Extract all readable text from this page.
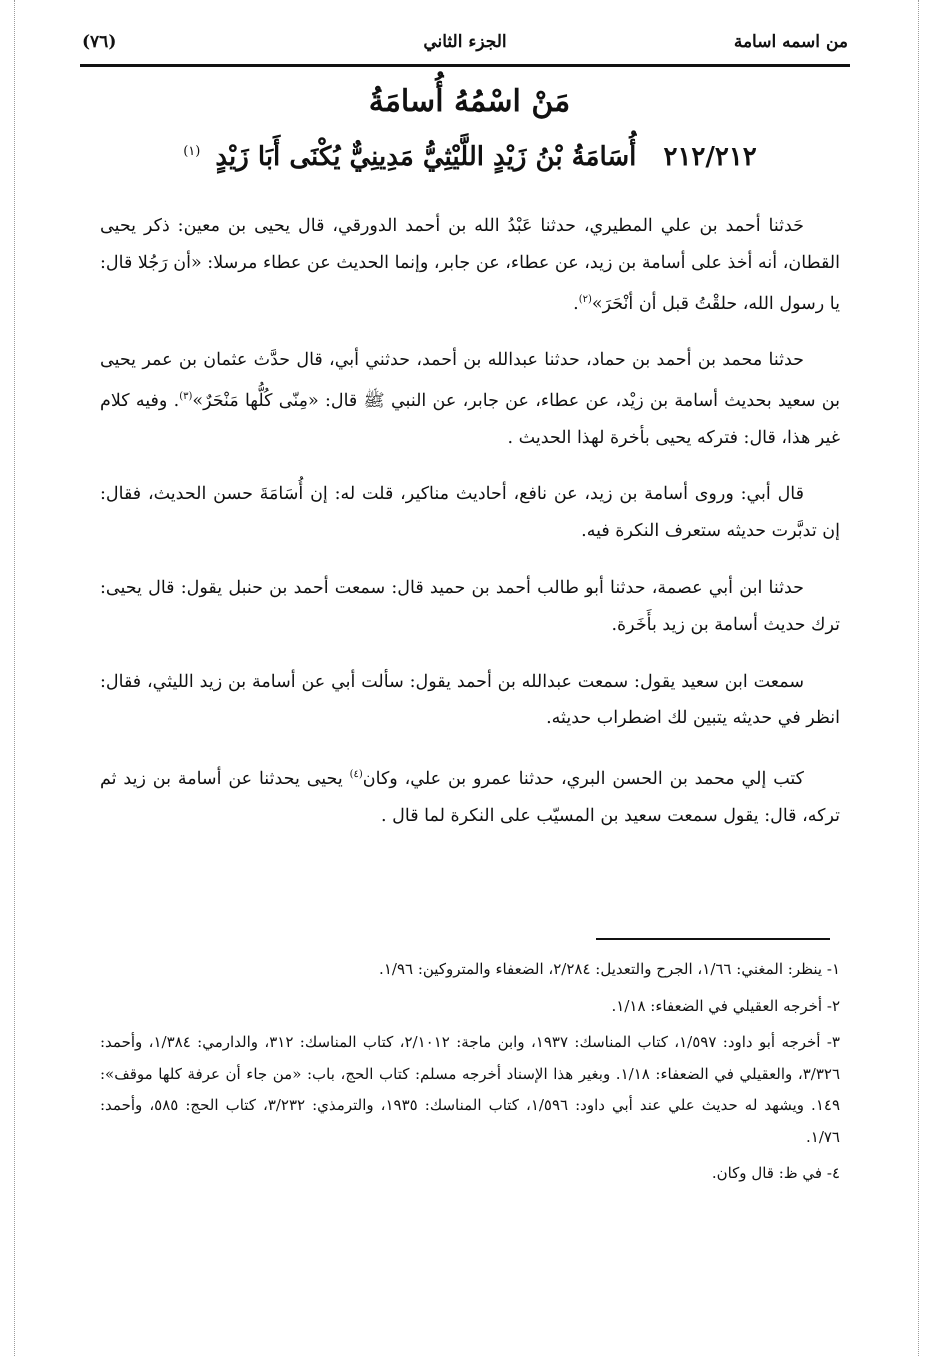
(٧٦)	الجزء الثاني	من اسمه اسامة
مَنْ اسْمُهُ أُسامَةُ
٢١٢/٢١٢ أُسَامَةُ بْنُ زَيْدٍ اللَّيْثِيُّ مَدِينِيٌّ يُكْنَى أَبَا زَيْدٍ $^{(١)}$

حَدثنا أحمد بن علي المطيري، حدثنا عَبْدُ الله بن أحمد الدورقي، قال يحيى بن معين: ذكر يحيى القطان، أنه أخذ على أسامة بن زيد، عن عطاء، عن جابر، وإنما الحديث عن عطاء مرسلا: «أن رَجُلا قال: يا رسول الله، حلقْتُ قبل أن أنْحَرَ»$^{(٢)}$.

حدثنا محمد بن أحمد بن حماد، حدثنا عبدالله بن أحمد، حدثني أبي، قال حدَّث عثمان بن عمر يحيى بن سعيد بحديث أسامة بن زيْد، عن عطاء، عن جابر، عن النبي ﷺ قال: «مِنّى كُلُّها مَنْحَرٌ»$^{(٣)}$. وفيه كلام غير هذا، قال: فتركه يحيى بأخرة لهذا الحديث .

قال أبي: وروى أسامة بن زيد، عن نافع، أحاديث مناكير، قلت له: إن أُسَامَةَ حسن الحديث، فقال: إن تدبَّرت حديثه ستعرف النكرة فيه.

حدثنا ابن أبي عصمة، حدثنا أبو طالب أحمد بن حميد قال: سمعت أحمد بن حنبل يقول: قال يحيى: ترك حديث أسامة بن زيد بأَخَرة.

سمعت ابن سعيد يقول: سمعت عبدالله بن أحمد يقول: سألت أبي عن أسامة بن زيد الليثي، فقال: انظر في حديثه يتبين لك اضطراب حديثه.

كتب إلي محمد بن الحسن البري، حدثنا عمرو بن علي، وكان$^{(٤)}$ يحيى يحدثنا عن أسامة بن زيد ثم تركه، قال: يقول سمعت سعيد بن المسيّب على النكرة لما قال .

١- ينظر: المغني: ١/٦٦، الجرح والتعديل: ٢/٢٨٤، الضعفاء والمتروكين: ١/٩٦.
٢- أخرجه العقيلي في الضعفاء: ١/١٨.
٣- أخرجه أبو داود: ١/٥٩٧، كتاب المناسك: ١٩٣٧، وابن ماجة: ٢/١٠١٢، كتاب المناسك: ٣١٢، والدارمي: ١/٣٨٤، وأحمد: ٣/٣٢٦، والعقيلي في الضعفاء: ١/١٨. وبغير هذا الإسناد أخرجه مسلم: كتاب الحج، باب: «من جاء أن عرفة كلها موقف»: ١٤٩. ويشهد له حديث علي عند أبي داود: ١/٥٩٦، كتاب المناسك: ١٩٣٥، والترمذي: ٣/٢٣٢، كتاب الحج: ٥٨٥، وأحمد: ١/٧٦.
٤- في ظ: قال وكان.
